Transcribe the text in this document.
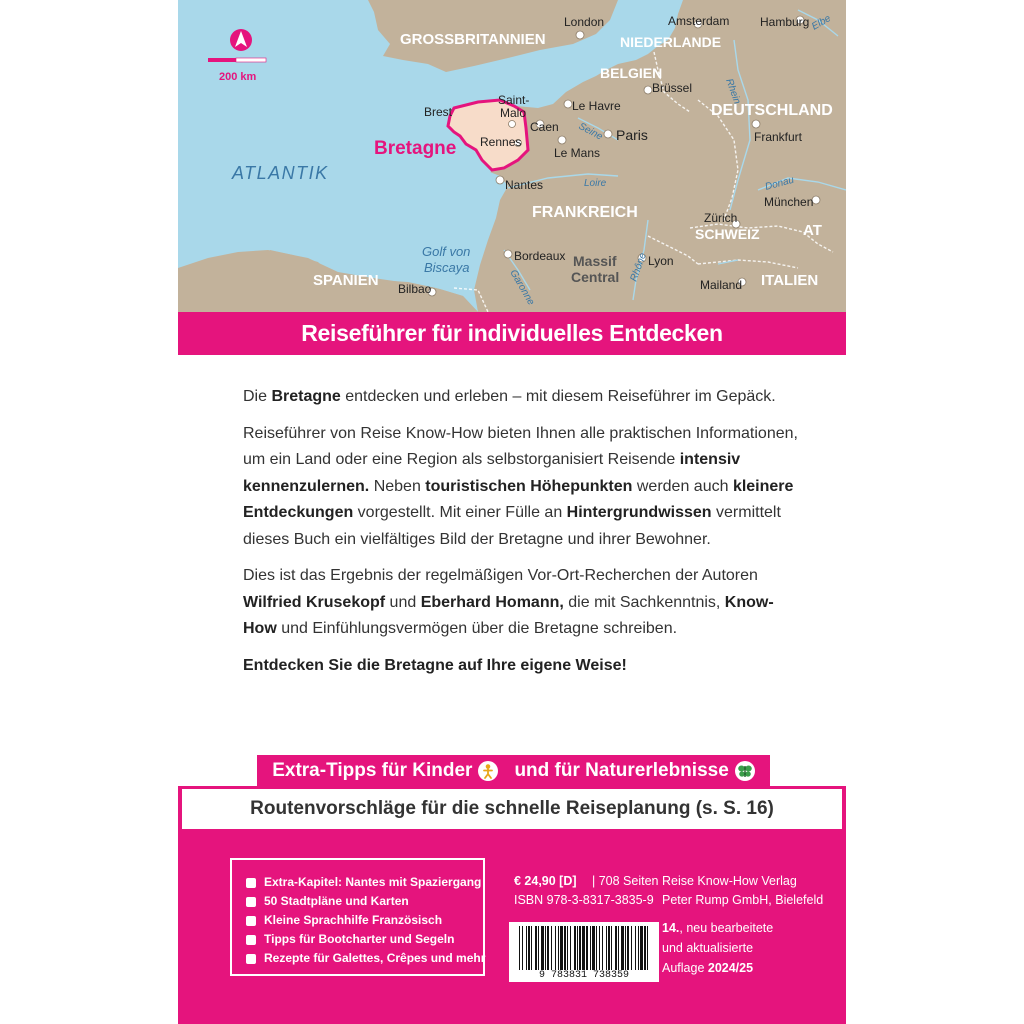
200 km
GROSSBRITANNIEN	NIEDERLANDE
BELGIEN
DEUTSCHLAND
FRANKREICH
SCHWEIZ	AT
SPANIEN	ITALIEN
Massif
Central
ATLANTIK
Golf von
Biscaya
Bretagne
London	Amsterdam	Hamburg
Brüssel
Frankfurt
München
Zürich
Brest
Saint-
Malo	Le Havre
Caen
Rennes	Paris
Le Mans
Nantes
Bordeaux	Lyon
Bilbao	Mailand
Elbe
Rhein
Seine
Loire	Donau
Garonne
Rhône
Reiseführer für individuelles Entdecken

Die Bretagne entdecken und erleben – mit diesem Reiseführer im Gepäck.

Reiseführer von Reise Know-How bieten Ihnen alle praktischen Informationen, um ein Land oder eine Region als selbstorganisiert Reisende intensiv kennenzulernen. Neben touristischen Höhepunkten werden auch kleinere Entdeckungen vorgestellt. Mit einer Fülle an Hintergrundwissen vermittelt dieses Buch ein vielfältiges Bild der Bretagne und ihrer Bewohner.

Dies ist das Ergebnis der regelmäßigen Vor-Ort-Recherchen der Autoren Wilfried Krusekopf und Eberhard Homann, die mit Sachkenntnis, Know-How und Einfühlungsvermögen über die Bretagne schreiben.

Entdecken Sie die Bretagne auf Ihre eigene Weise!

Extra-Tipps für Kinder und für Naturerlebnisse
Routenvorschläge für die schnelle Reiseplanung (s. S. 16)
Extra-Kapitel: Nantes mit Spaziergang
50 Stadtpläne und Karten
Kleine Sprachhilfe Französisch
Tipps für Bootcharter und Segeln
Rezepte für Galettes, Crêpes und mehr
€ 24,90 [D] | 708 Seiten
ISBN 978-3-8317-3835-9
Reise Know-How Verlag
Peter Rump GmbH, Bielefeld
14., neu bearbeitete
und aktualisierte
Auflage 2024/25
9 783831 738359
